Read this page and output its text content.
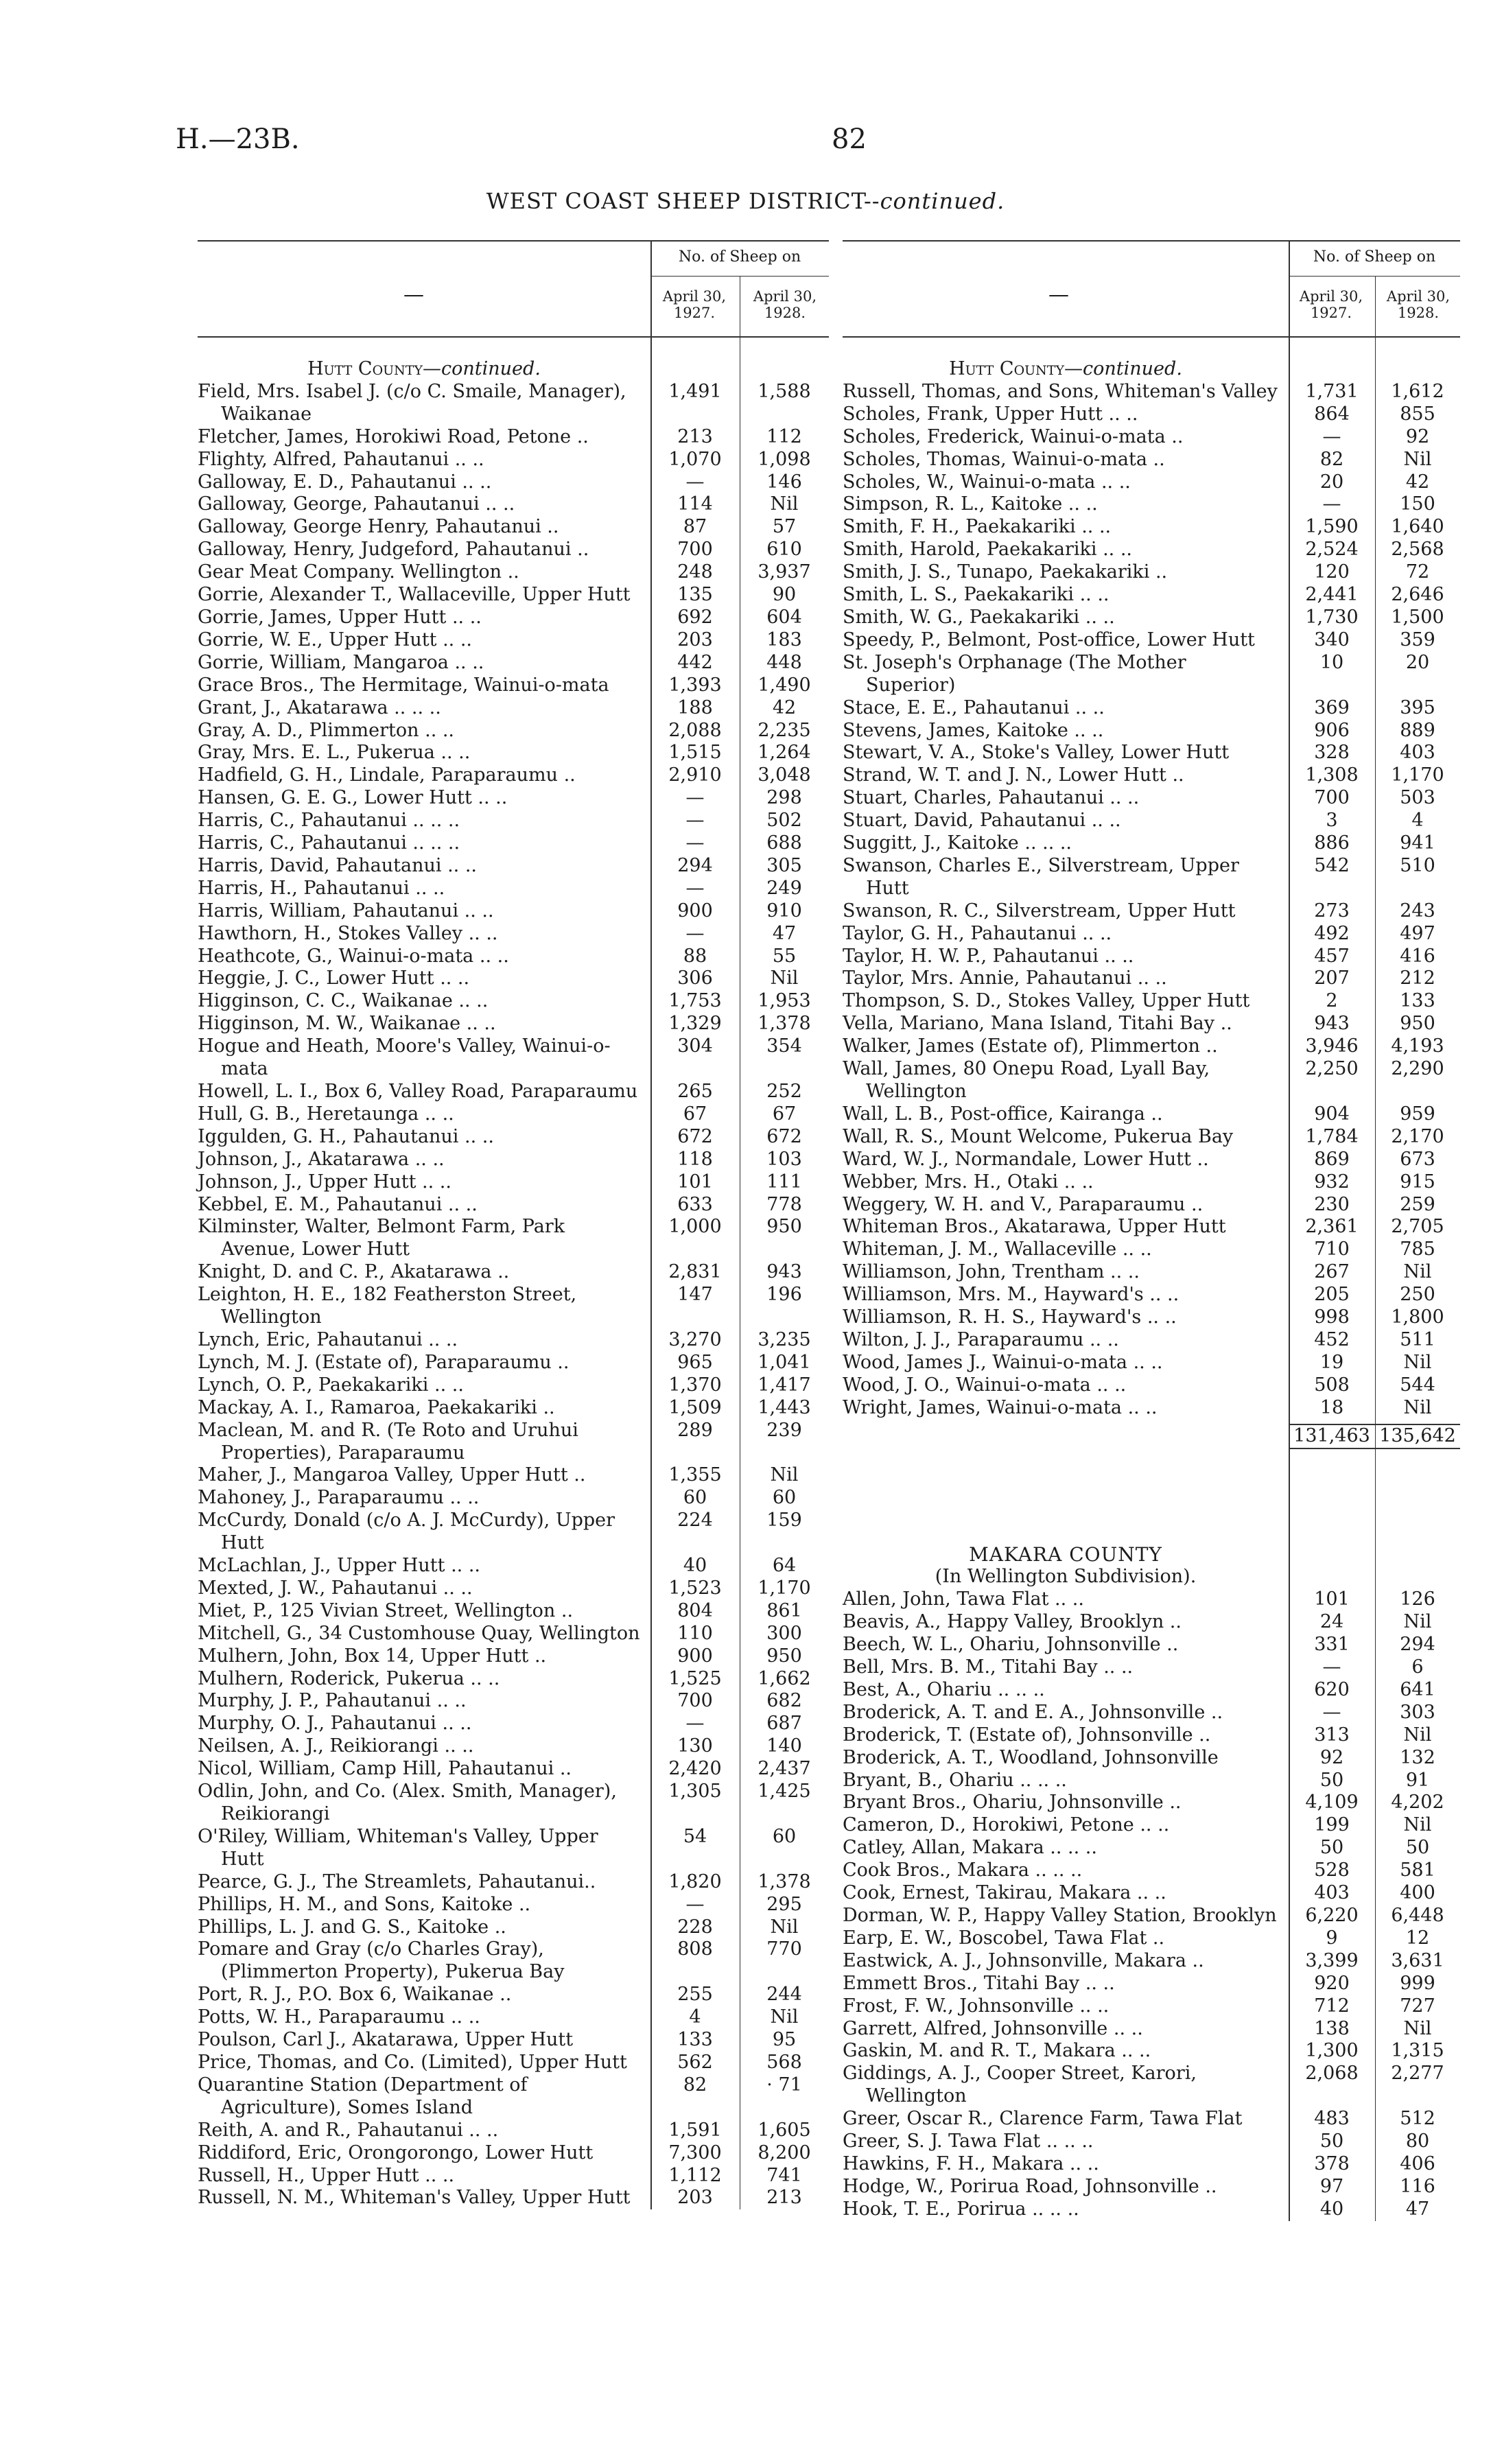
H.—23B.	82
WEST COAST SHEEP DISTRICT--continued.
—
No. of Sheep on
April 30, 1927.
April 30, 1928.
Hutt County—continued.
Field, Mrs. Isabel J. (c/o C. Smaile, Manager), Waikanae
1,491	1,588
Fletcher, James, Horokiwi Road, Petone ..	213	112
Flighty, Alfred, Pahautanui .. ..	1,070	1,098
Galloway, E. D., Pahautanui .. ..	—	146
Galloway, George, Pahautanui .. ..	114	Nil
Galloway, George Henry, Pahautanui ..	87	57
Galloway, Henry, Judgeford, Pahautanui ..	700	610
Gear Meat Company. Wellington ..	248	3,937
Gorrie, Alexander T., Wallaceville, Upper Hutt	135	90
Gorrie, James, Upper Hutt .. ..	692	604
Gorrie, W. E., Upper Hutt .. ..	203	183
Gorrie, William, Mangaroa .. ..	442	448
Grace Bros., The Hermitage, Wainui-o-mata	1,393	1,490
Grant, J., Akatarawa .. .. ..	188	42
Gray, A. D., Plimmerton .. ..	2,088	2,235
Gray, Mrs. E. L., Pukerua .. ..	1,515	1,264
Hadfield, G. H., Lindale, Paraparaumu ..	2,910	3,048
Hansen, G. E. G., Lower Hutt .. ..	—	298
Harris, C., Pahautanui .. .. ..	—	502
Harris, C., Pahautanui .. .. ..	—	688
Harris, David, Pahautanui .. ..	294	305
Harris, H., Pahautanui .. ..	—	249
Harris, William, Pahautanui .. ..	900	910
Hawthorn, H., Stokes Valley .. ..	—	47
Heathcote, G., Wainui-o-mata .. ..	88	55
Heggie, J. C., Lower Hutt .. ..	306	Nil
Higginson, C. C., Waikanae .. ..	1,753	1,953
Higginson, M. W., Waikanae .. ..	1,329	1,378
Hogue and Heath, Moore's Valley, Wainui-o-mata
304	354
Howell, L. I., Box 6, Valley Road, Paraparaumu	265	252
Hull, G. B., Heretaunga .. ..	67	67
Iggulden, G. H., Pahautanui .. ..	672	672
Johnson, J., Akatarawa .. ..	118	103
Johnson, J., Upper Hutt .. ..	101	111
Kebbel, E. M., Pahautanui .. ..	633	778
Kilminster, Walter, Belmont Farm, Park Avenue, Lower Hutt
1,000	950
Knight, D. and C. P., Akatarawa ..	2,831	943
Leighton, H. E., 182 Featherston Street, Wellington
147	196
Lynch, Eric, Pahautanui .. ..	3,270	3,235
Lynch, M. J. (Estate of), Paraparaumu ..	965	1,041
Lynch, O. P., Paekakariki .. ..	1,370	1,417
Mackay, A. I., Ramaroa, Paekakariki ..	1,509	1,443
Maclean, M. and R. (Te Roto and Uruhui Properties), Paraparaumu
289	239
Maher, J., Mangaroa Valley, Upper Hutt ..	1,355	Nil
Mahoney, J., Paraparaumu .. ..	60	60
McCurdy, Donald (c/o A. J. McCurdy), Upper Hutt
224	159
McLachlan, J., Upper Hutt .. ..	40	64
Mexted, J. W., Pahautanui .. ..	1,523	1,170
Miet, P., 125 Vivian Street, Wellington ..	804	861
Mitchell, G., 34 Customhouse Quay, Wellington	110	300
Mulhern, John, Box 14, Upper Hutt ..	900	950
Mulhern, Roderick, Pukerua .. ..	1,525	1,662
Murphy, J. P., Pahautanui .. ..	700	682
Murphy, O. J., Pahautanui .. ..	—	687
Neilsen, A. J., Reikiorangi .. ..	130	140
Nicol, William, Camp Hill, Pahautanui ..	2,420	2,437
Odlin, John, and Co. (Alex. Smith, Manager), Reikiorangi
1,305	1,425
O'Riley, William, Whiteman's Valley, Upper Hutt
54	60
Pearce, G. J., The Streamlets, Pahautanui..	1,820	1,378
Phillips, H. M., and Sons, Kaitoke ..	—	295
Phillips, L. J. and G. S., Kaitoke ..	228	Nil
Pomare and Gray (c/o Charles Gray), (Plimmerton Property), Pukerua Bay
808	770
Port, R. J., P.O. Box 6, Waikanae ..	255	244
Potts, W. H., Paraparaumu .. ..	4	Nil
Poulson, Carl J., Akatarawa, Upper Hutt	133	95
Price, Thomas, and Co. (Limited), Upper Hutt	562	568
Quarantine Station (Department of Agriculture), Somes Island
82	· 71
Reith, A. and R., Pahautanui .. ..	1,591	1,605
Riddiford, Eric, Orongorongo, Lower Hutt	7,300	8,200
Russell, H., Upper Hutt .. ..	1,112	741
Russell, N. M., Whiteman's Valley, Upper Hutt	203	213
—
No. of Sheep on
April 30, 1927.
April 30, 1928.
Hutt County—continued.
Russell, Thomas, and Sons, Whiteman's Valley	1,731	1,612
Scholes, Frank, Upper Hutt .. ..	864	855
Scholes, Frederick, Wainui-o-mata ..	—	92
Scholes, Thomas, Wainui-o-mata ..	82	Nil
Scholes, W., Wainui-o-mata .. ..	20	42
Simpson, R. L., Kaitoke .. ..	—	150
Smith, F. H., Paekakariki .. ..	1,590	1,640
Smith, Harold, Paekakariki .. ..	2,524	2,568
Smith, J. S., Tunapo, Paekakariki ..	120	72
Smith, L. S., Paekakariki .. ..	2,441	2,646
Smith, W. G., Paekakariki .. ..	1,730	1,500
Speedy, P., Belmont, Post-office, Lower Hutt	340	359
St. Joseph's Orphanage (The Mother Superior)
10	20
Stace, E. E., Pahautanui .. ..	369	395
Stevens, James, Kaitoke .. ..	906	889
Stewart, V. A., Stoke's Valley, Lower Hutt	328	403
Strand, W. T. and J. N., Lower Hutt ..	1,308	1,170
Stuart, Charles, Pahautanui .. ..	700	503
Stuart, David, Pahautanui .. ..	3	4
Suggitt, J., Kaitoke .. .. ..	886	941
Swanson, Charles E., Silverstream, Upper Hutt
542	510
Swanson, R. C., Silverstream, Upper Hutt	273	243
Taylor, G. H., Pahautanui .. ..	492	497
Taylor, H. W. P., Pahautanui .. ..	457	416
Taylor, Mrs. Annie, Pahautanui .. ..	207	212
Thompson, S. D., Stokes Valley, Upper Hutt	2	133
Vella, Mariano, Mana Island, Titahi Bay ..	943	950
Walker, James (Estate of), Plimmerton ..	3,946	4,193
Wall, James, 80 Onepu Road, Lyall Bay, Wellington
2,250	2,290
Wall, L. B., Post-office, Kairanga ..	904	959
Wall, R. S., Mount Welcome, Pukerua Bay	1,784	2,170
Ward, W. J., Normandale, Lower Hutt ..	869	673
Webber, Mrs. H., Otaki .. ..	932	915
Weggery, W. H. and V., Paraparaumu ..	230	259
Whiteman Bros., Akatarawa, Upper Hutt	2,361	2,705
Whiteman, J. M., Wallaceville .. ..	710	785
Williamson, John, Trentham .. ..	267	Nil
Williamson, Mrs. M., Hayward's .. ..	205	250
Williamson, R. H. S., Hayward's .. ..	998	1,800
Wilton, J. J., Paraparaumu .. ..	452	511
Wood, James J., Wainui-o-mata .. ..	19	Nil
Wood, J. O., Wainui-o-mata .. ..	508	544
Wright, James, Wainui-o-mata .. ..	18	Nil
131,463 135,642
MAKARA COUNTY
(In Wellington Subdivision).
Allen, John, Tawa Flat .. ..	101	126
Beavis, A., Happy Valley, Brooklyn ..	24	Nil
Beech, W. L., Ohariu, Johnsonville ..	331	294
Bell, Mrs. B. M., Titahi Bay .. ..	—	6
Best, A., Ohariu .. .. ..	620	641
Broderick, A. T. and E. A., Johnsonville ..	—	303
Broderick, T. (Estate of), Johnsonville ..	313	Nil
Broderick, A. T., Woodland, Johnsonville	92	132
Bryant, B., Ohariu .. .. ..	50	91
Bryant Bros., Ohariu, Johnsonville ..	4,109	4,202
Cameron, D., Horokiwi, Petone .. ..	199	Nil
Catley, Allan, Makara .. .. ..	50	50
Cook Bros., Makara .. .. ..	528	581
Cook, Ernest, Takirau, Makara .. ..	403	400
Dorman, W. P., Happy Valley Station, Brooklyn	6,220	6,448
Earp, E. W., Boscobel, Tawa Flat ..	9	12
Eastwick, A. J., Johnsonville, Makara ..	3,399	3,631
Emmett Bros., Titahi Bay .. ..	920	999
Frost, F. W., Johnsonville .. ..	712	727
Garrett, Alfred, Johnsonville .. ..	138	Nil
Gaskin, M. and R. T., Makara .. ..	1,300	1,315
Giddings, A. J., Cooper Street, Karori, Wellington
2,068	2,277
Greer, Oscar R., Clarence Farm, Tawa Flat	483	512
Greer, S. J. Tawa Flat .. .. ..	50	80
Hawkins, F. H., Makara .. ..	378	406
Hodge, W., Porirua Road, Johnsonville ..	97	116
Hook, T. E., Porirua .. .. ..	40	47
